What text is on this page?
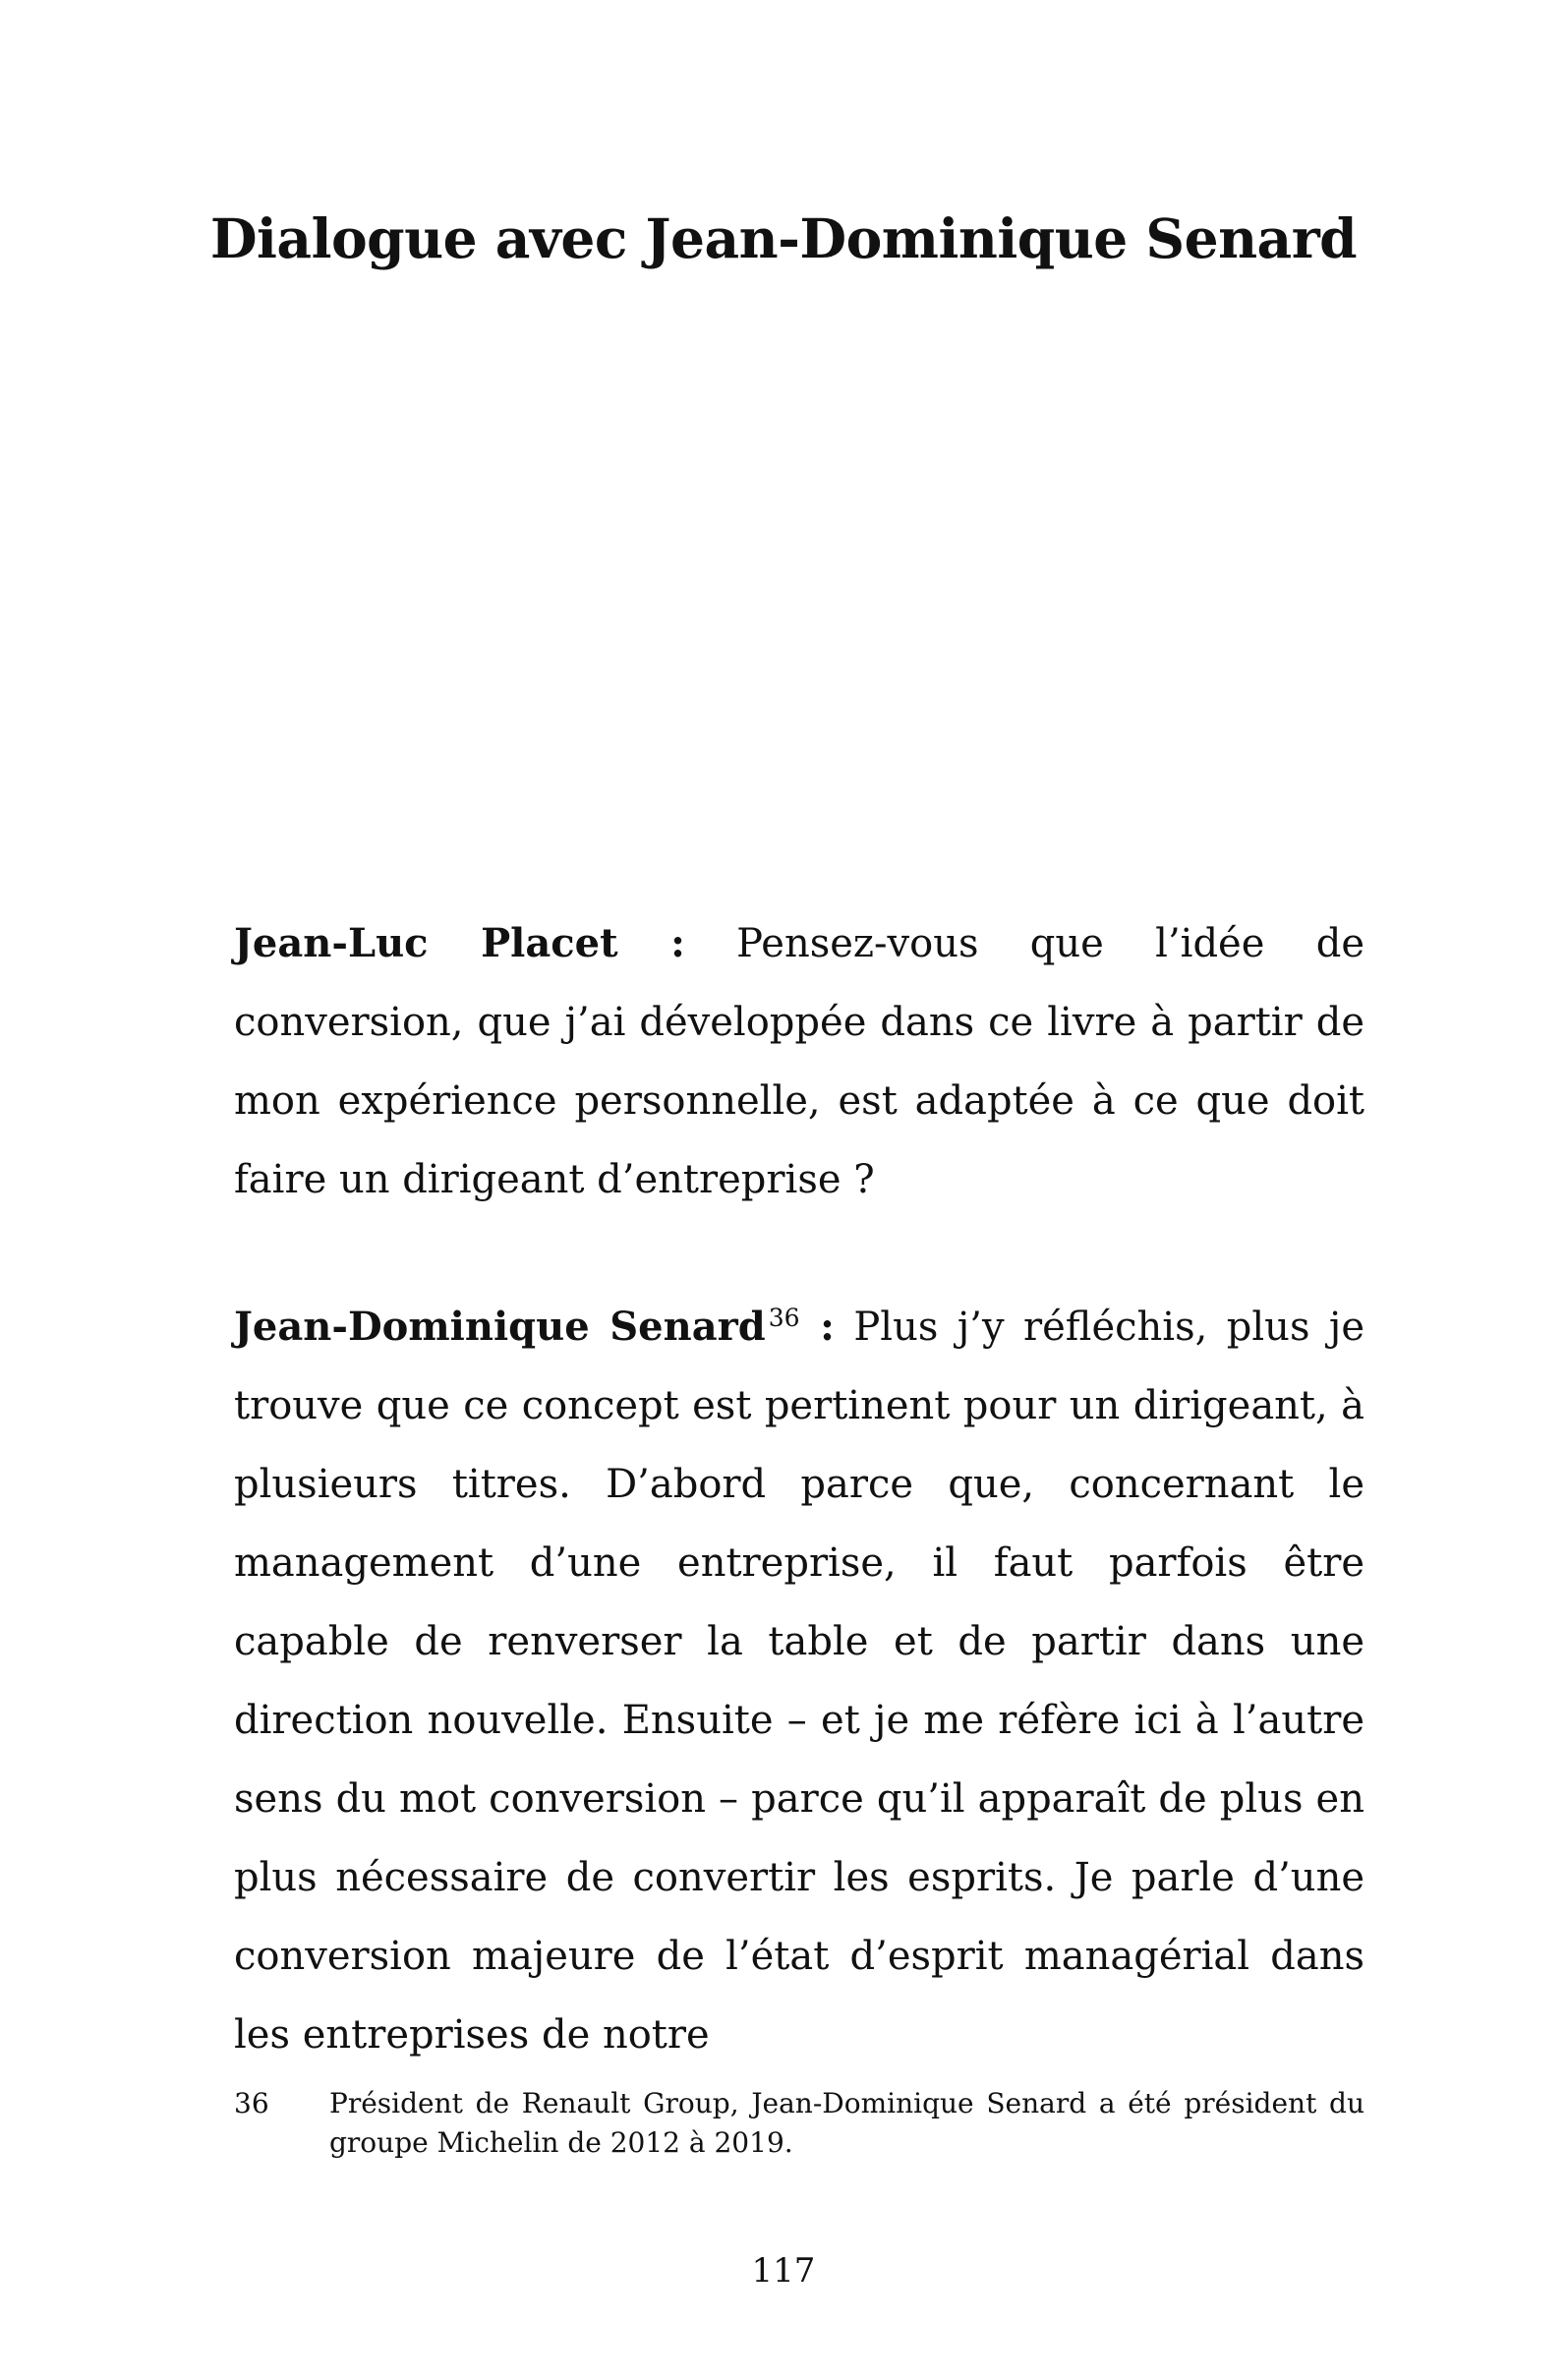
Dialogue avec Jean-Dominique Senard

Jean-Luc Placet : Pensez-vous que l’idée de conversion, que j’ai développée dans ce livre à partir de mon expérience personnelle, est adaptée à ce que doit faire un dirigeant d’entreprise ?

Jean-Dominique Senard $^{36}$ : Plus j’y réfléchis, plus je trouve que ce concept est pertinent pour un dirigeant, à plusieurs titres. D’abord parce que, concernant le management d’une entreprise, il faut parfois être capable de renverser la table et de partir dans une direction nouvelle. Ensuite – et je me réfère ici à l’autre sens du mot conversion – parce qu’il apparaît de plus en plus nécessaire de convertir les esprits. Je parle d’une conversion majeure de l’état d’esprit managérial dans les entreprises de notre

36	Président de Renault Group, Jean-Dominique Senard a été président du groupe Michelin de 2012 à 2019.
117
